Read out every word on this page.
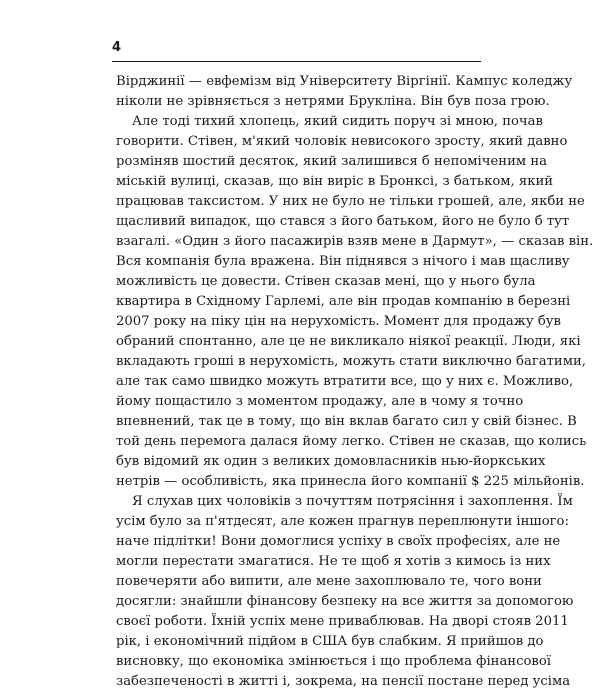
4
Вірджинії — евфемізм від Університету Віргінії. Кампус коледжу
ніколи не зрівняється з нетрями Брукліна. Він був поза грою.
Але тоді тихий хлопець, який сидить поруч зі мною, почав
говорити. Стівен, м'який чоловік невисокого зросту, який давно
розміняв шостий десяток, який залишився б непоміченим на
міській вулиці, сказав, що він виріс в Бронксі, з батьком, який
працював таксистом. У них не було не тільки грошей, але, якби не
щасливий випадок, що стався з його батьком, його не було б тут
взагалі. «Один з його пасажирів взяв мене в Дармут», — сказав він.
Вся компанія була вражена. Він піднявся з нічого і мав щасливу
можливість це довести. Стівен сказав мені, що у нього була
квартира в Східному Гарлемі, але він продав компанію в березні
2007 року на піку цін на нерухомість. Момент для продажу був
обраний спонтанно, але це не викликало ніякої реакції. Люди, які
вкладають гроші в нерухомість, можуть стати виключно багатими,
але так само швидко можуть втратити все, що у них є. Можливо,
йому пощастило з моментом продажу, але в чому я точно
впевнений, так це в тому, що він вклав багато сил у свій бізнес. В
той день перемога далася йому легко. Стівен не сказав, що колись
був відомий як один з великих домовласників нью-йоркських
нетрів — особливість, яка принесла його компанії $ 225 мільйонів.
Я слухав цих чоловіків з почуттям потрясіння і захоплення. Їм
усім було за п'ятдесят, але кожен прагнув переплюнути іншого:
наче підлітки! Вони домоглися успіху в своїх професіях, але не
могли перестати змагатися. Не те щоб я хотів з кимось із них
повечеряти або випити, але мене захоплювало те, чого вони
досягли: знайшли фінансову безпеку на все життя за допомогою
своєї роботи. Їхній успіх мене приваблював. На дворі стояв 2011
рік, і економічний підйом в США був слабким. Я прийшов до
висновку, що економіка змінюється і що проблема фінансової
забезпеченості в житті і, зокрема, на пенсії постане перед усіма
